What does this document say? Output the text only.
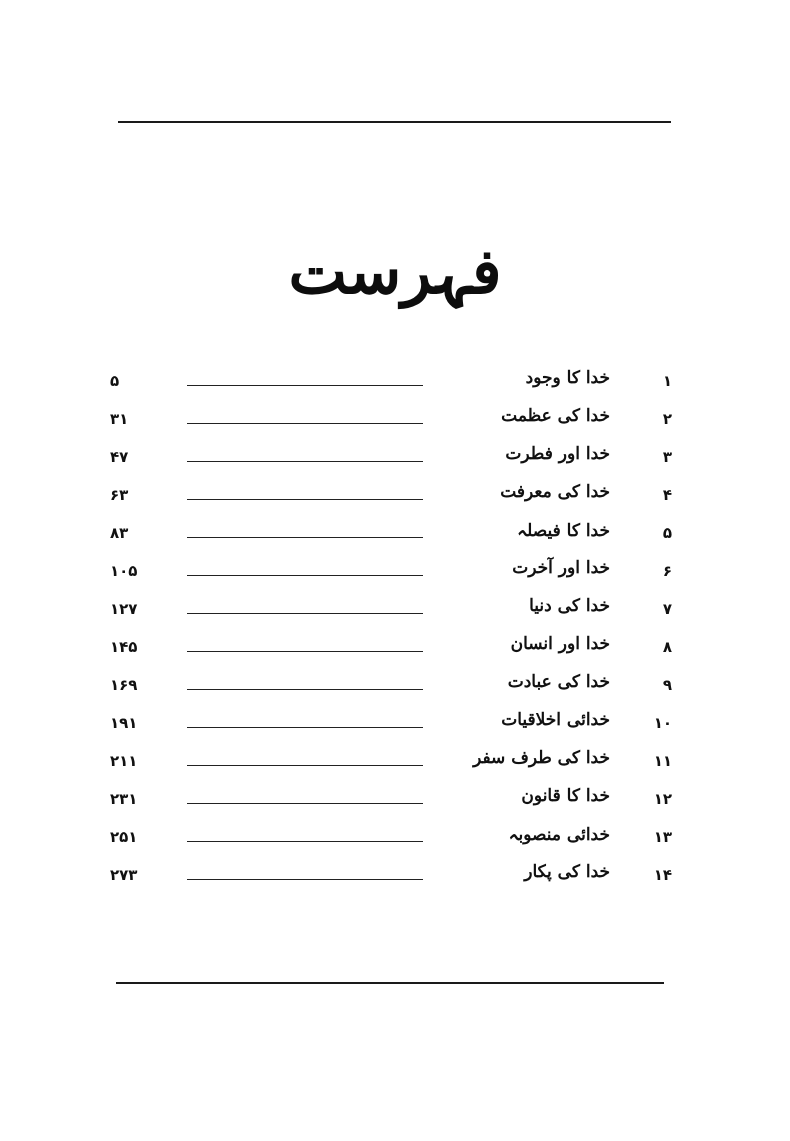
فہرست
۱
خدا کا وجود
۵
۲
خدا کی عظمت
۳۱
۳
خدا اور فطرت
۴۷
۴
خدا کی معرفت
۶۳
۵
خدا کا فیصلہ
۸۳
۶
خدا اور آخرت
۱۰۵
۷
خدا کی دنیا
۱۲۷
۸
خدا اور انسان
۱۴۵
۹
خدا کی عبادت
۱۶۹
۱۰
خدائی اخلاقیات
۱۹۱
۱۱
خدا کی طرف سفر
۲۱۱
۱۲
خدا کا قانون
۲۳۱
۱۳
خدائی منصوبہ
۲۵۱
۱۴
خدا کی پکار
۲۷۳
